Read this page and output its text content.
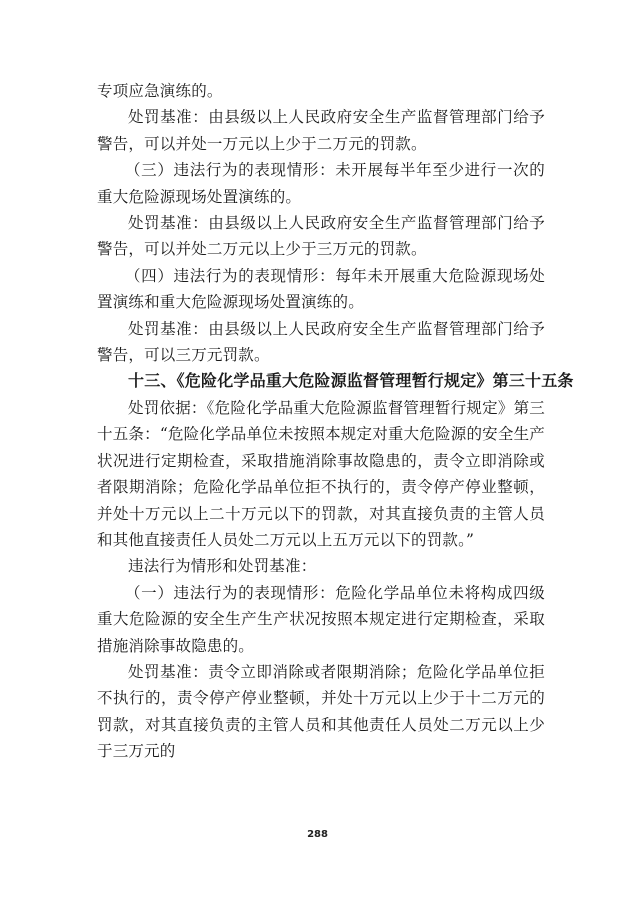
专项应急演练的。

处罚基准：由县级以上人民政府安全生产监督管理部门给予警告，可以并处一万元以上少于二万元的罚款。

（三）违法行为的表现情形：未开展每半年至少进行一次的重大危险源现场处置演练的。

处罚基准：由县级以上人民政府安全生产监督管理部门给予警告，可以并处二万元以上少于三万元的罚款。

（四）违法行为的表现情形：每年未开展重大危险源现场处置演练和重大危险源现场处置演练的。

处罚基准：由县级以上人民政府安全生产监督管理部门给予警告，可以三万元罚款。

十三、《危险化学品重大危险源监督管理暂行规定》第三十五条

处罚依据：《危险化学品重大危险源监督管理暂行规定》第三十五条：“危险化学品单位未按照本规定对重大危险源的安全生产状况进行定期检查，采取措施消除事故隐患的，责令立即消除或者限期消除；危险化学品单位拒不执行的，责令停产停业整顿，并处十万元以上二十万元以下的罚款，对其直接负责的主管人员和其他直接责任人员处二万元以上五万元以下的罚款。”

违法行为情形和处罚基准：

（一）违法行为的表现情形：危险化学品单位未将构成四级重大危险源的安全生产生产状况按照本规定进行定期检查，采取措施消除事故隐患的。

处罚基准：责令立即消除或者限期消除；危险化学品单位拒不执行的，责令停产停业整顿，并处十万元以上少于十二万元的罚款，对其直接负责的主管人员和其他责任人员处二万元以上少于三万元的

288
